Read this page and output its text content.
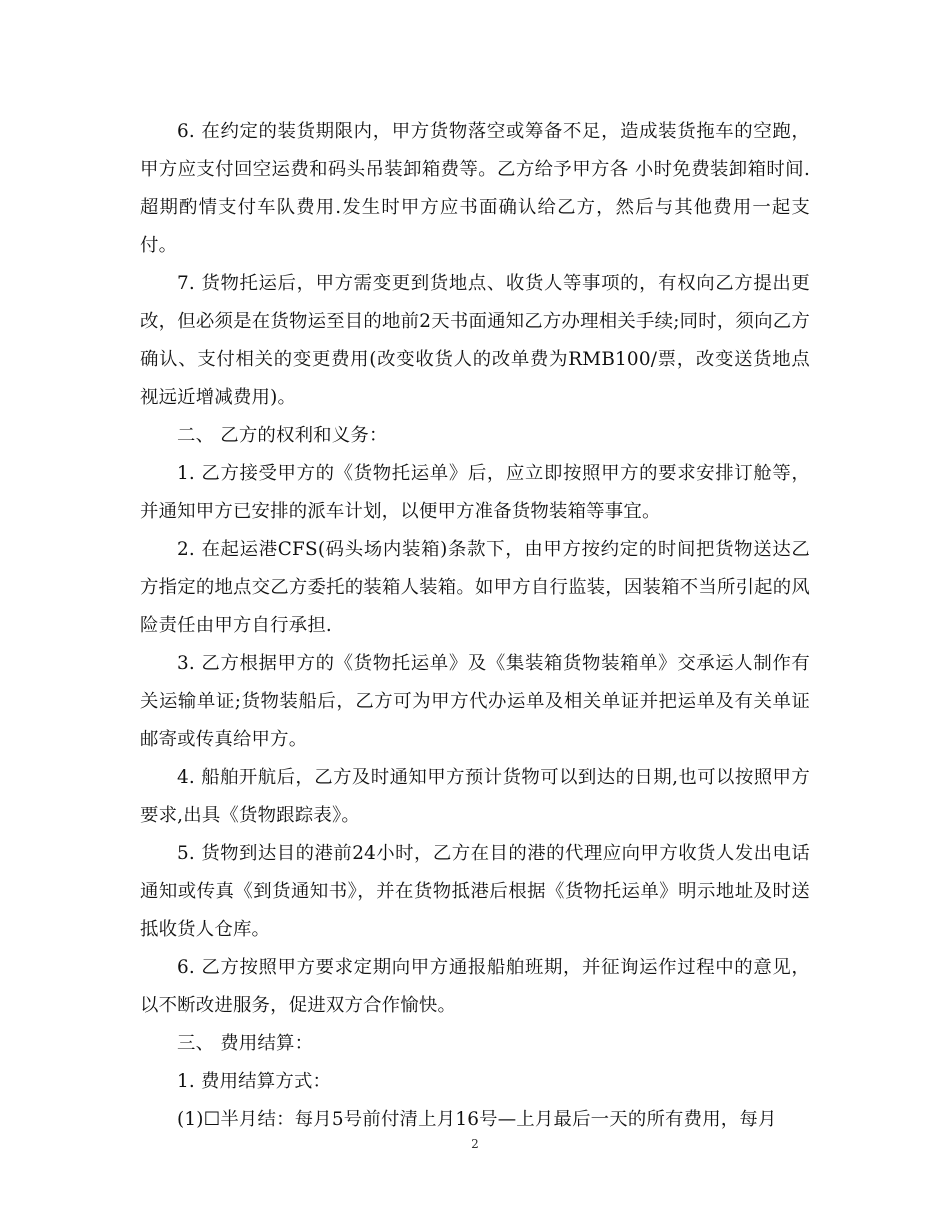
6. 在约定的装货期限内，甲方货物落空或筹备不足，造成装货拖车的空跑，甲方应支付回空运费和码头吊装卸箱费等。乙方给予甲方各 小时免费装卸箱时间.超期酌情支付车队费用.发生时甲方应书面确认给乙方，然后与其他费用一起支付。

7. 货物托运后，甲方需变更到货地点、收货人等事项的，有权向乙方提出更改，但必须是在货物运至目的地前2天书面通知乙方办理相关手续;同时，须向乙方确认、支付相关的变更费用(改变收货人的改单费为RMB100/票，改变送货地点视远近增减费用)。

二、 乙方的权利和义务：

1. 乙方接受甲方的《货物托运单》后，应立即按照甲方的要求安排订舱等，并通知甲方已安排的派车计划，以便甲方准备货物装箱等事宜。

2. 在起运港CFS(码头场内装箱)条款下，由甲方按约定的时间把货物送达乙方指定的地点交乙方委托的装箱人装箱。如甲方自行监装，因装箱不当所引起的风险责任由甲方自行承担.

3. 乙方根据甲方的《货物托运单》及《集装箱货物装箱单》交承运人制作有关运输单证;货物装船后，乙方可为甲方代办运单及相关单证并把运单及有关单证邮寄或传真给甲方。

4. 船舶开航后，乙方及时通知甲方预计货物可以到达的日期,也可以按照甲方要求,出具《货物跟踪表》。

5. 货物到达目的港前24小时，乙方在目的港的代理应向甲方收货人发出电话通知或传真《到货通知书》，并在货物抵港后根据《货物托运单》明示地址及时送抵收货人仓库。

6. 乙方按照甲方要求定期向甲方通报船舶班期，并征询运作过程中的意见，以不断改进服务，促进双方合作愉快。

三、 费用结算：

1. 费用结算方式：

(1)☐半月结：每月5号前付清上月16号—上月最后一天的所有费用，每月

2
